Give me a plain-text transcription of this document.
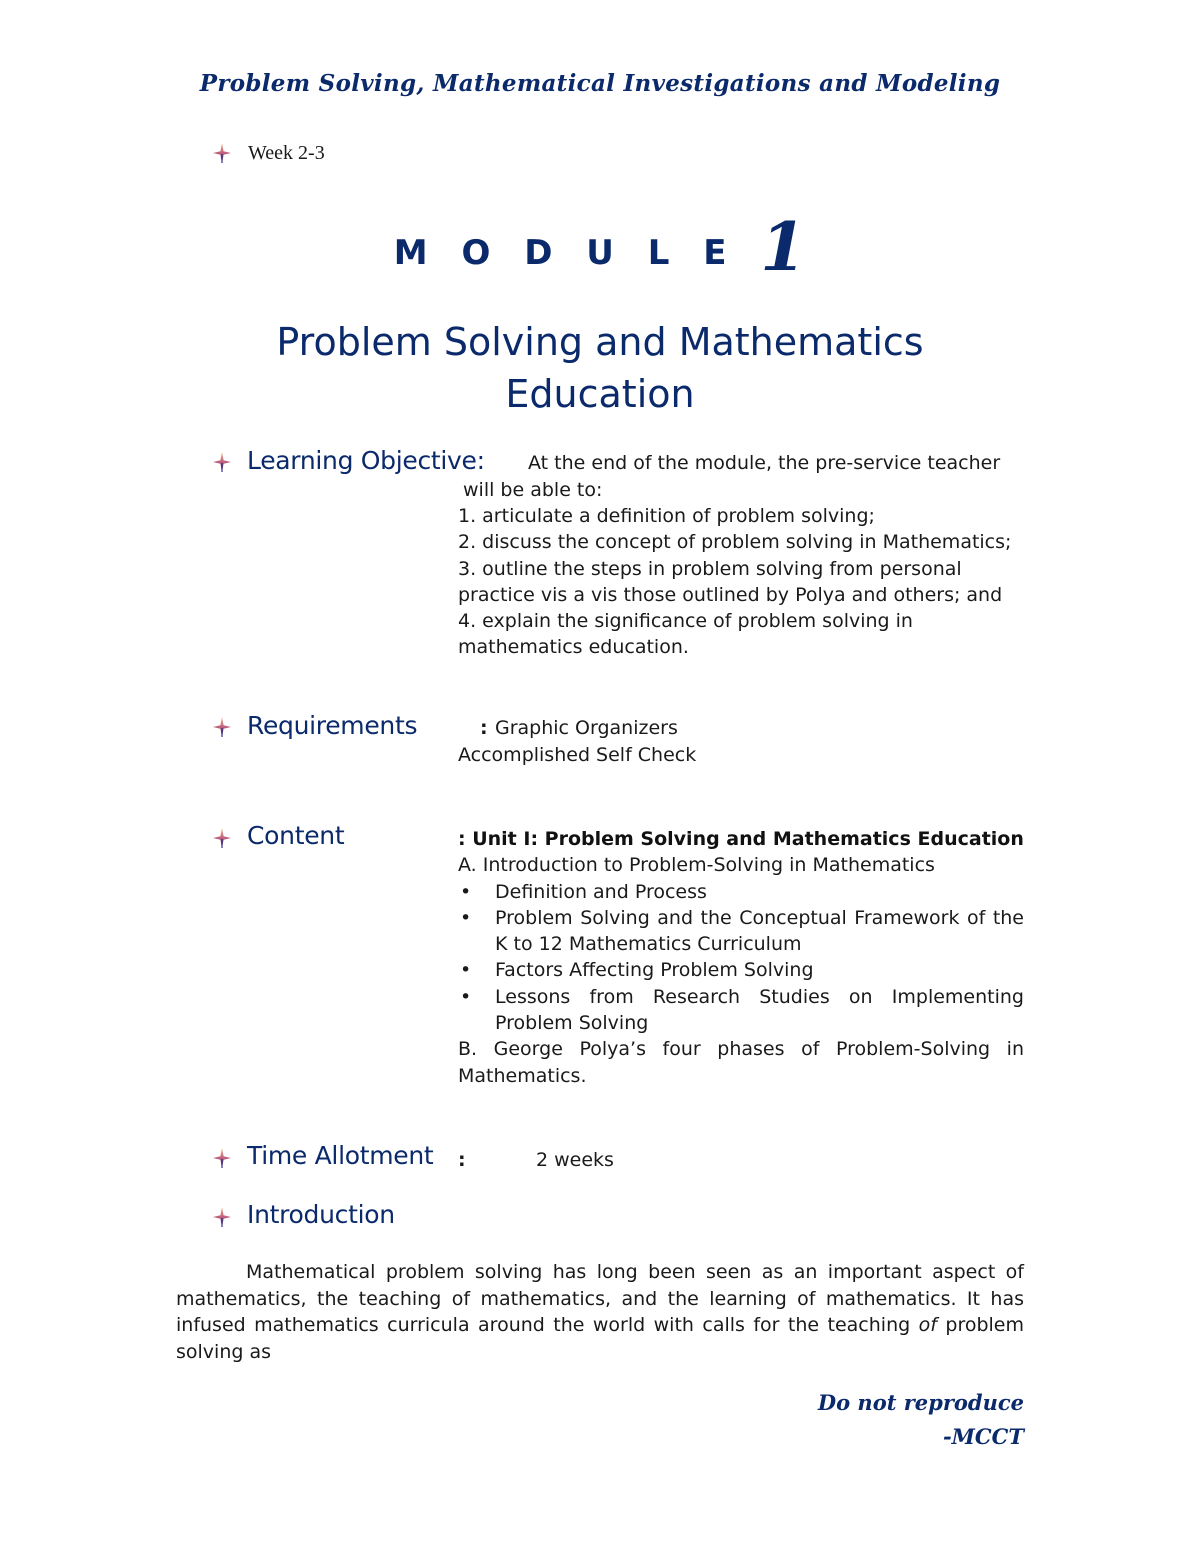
Problem Solving, Mathematical Investigations and Modeling
Week 2-3
M O D U L E 1
Problem Solving and Mathematics
Education
Learning Objective: At the end of the module, the pre-service teacher
will be able to:
1. articulate a definition of problem solving;
2. discuss the concept of problem solving in Mathematics;
3. outline the steps in problem solving from personal
practice vis a vis those outlined by Polya and others; and
4. explain the significance of problem solving in
mathematics education.
Requirements	: Graphic Organizers
Accomplished Self Check
Content	: Unit I: Problem Solving and Mathematics Education
A. Introduction to Problem-Solving in Mathematics
• Definition and Process
• Problem Solving and the Conceptual Framework of the K to 12 Mathematics Curriculum
• Factors Affecting Problem Solving
• Lessons from Research Studies on Implementing Problem Solving
B. George Polya’s four phases of Problem-Solving in Mathematics.
Time Allotment :	2 weeks
Introduction
Mathematical problem solving has long been seen as an important aspect of mathematics, the teaching of mathematics, and the learning of mathematics. It has infused mathematics curricula around the world with calls for the teaching of problem solving as
Do not reproduce
-MCCT
